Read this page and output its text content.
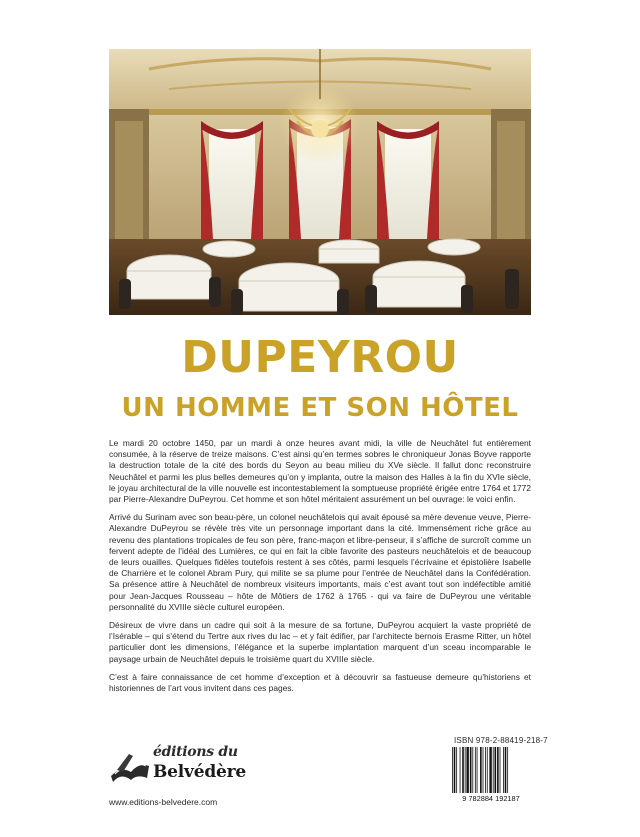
DUPEYROU
UN HOMME ET SON HÔTEL

Le mardi 20 octobre 1450, par un mardi à onze heures avant midi, la ville de Neuchâtel fut entièrement consumée, à la réserve de treize maisons. C’est ainsi qu’en termes sobres le chroniqueur Jonas Boyve rapporte la destruction totale de la cité des bords du Seyon au beau milieu du XVe siècle. Il fallut donc reconstruire Neuchâtel et parmi les plus belles demeures qu’on y implanta, outre la maison des Halles à la fin du XVIe siècle, le joyau architectural de la ville nouvelle est incontestablement la somptueuse propriété érigée entre 1764 et 1772 par Pierre-Alexandre DuPeyrou. Cet homme et son hôtel méritaient assurément un bel ouvrage: le voici enfin.

Arrivé du Surinam avec son beau-père, un colonel neuchâtelois qui avait épousé sa mère devenue veuve, Pierre-Alexandre DuPeyrou se révèle très vite un personnage important dans la cité. Immensément riche grâce au revenu des plantations tropicales de feu son père, franc-maçon et libre-penseur, il s’affiche de surcroît comme un fervent adepte de l’idéal des Lumières, ce qui en fait la cible favorite des pasteurs neuchâtelois et de beaucoup de leurs ouailles. Quelques fidèles toutefois restent à ses côtés, parmi lesquels l’écrivaine et épistolière Isabelle de Charrière et le colonel Abram Pury, qui milite se sa plume pour l’entrée de Neuchâtel dans la Confédération. Sa présence attire à Neuchâtel de nombreux visiteurs importants, mais c’est avant tout son indéfectible amitié pour Jean-Jacques Rousseau – hôte de Môtiers de 1762 à 1765 - qui va faire de DuPeyrou une véritable personnalité du XVIIIe siècle culturel européen.

Désireux de vivre dans un cadre qui soit à la mesure de sa fortune, DuPeyrou acquiert la vaste propriété de l’Isérable – qui s’étend du Tertre aux rives du lac – et y fait édifier, par l’architecte bernois Erasme Ritter, un hôtel particulier dont les dimensions, l’élégance et la superbe implantation marquent d’un sceau incomparable le paysage urbain de Neuchâtel depuis le troisième quart du XVIIIe siècle.

C’est à faire connaissance de cet homme d’exception et à découvrir sa fastueuse demeure qu’historiens et historiennes de l’art vous invitent dans ces pages.

éditions du
Belvédère
www.editions-belvedere.com
ISBN 978-2-88419-218-7
9 782884 192187
